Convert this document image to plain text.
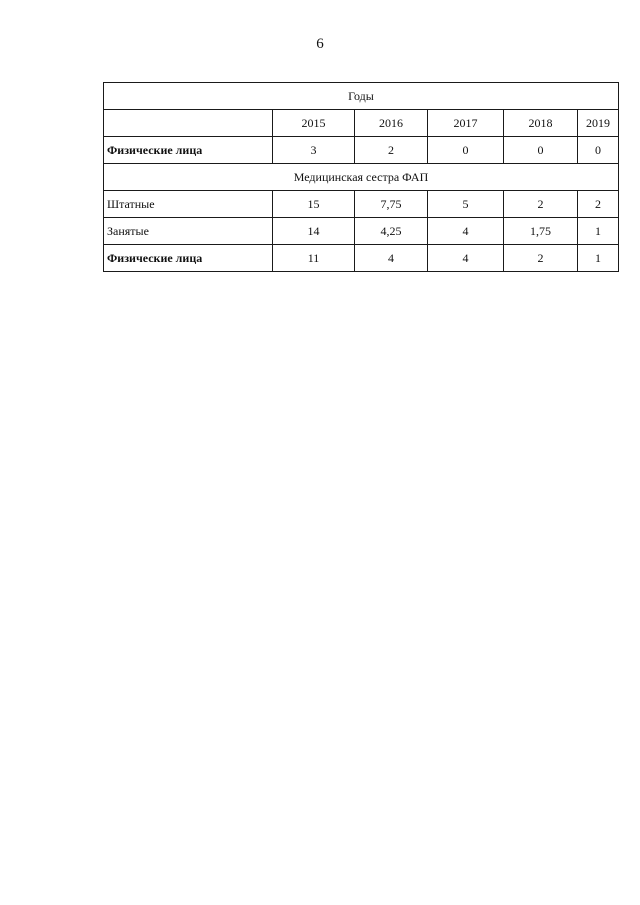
6
Годы					
	2015	2016	2017	2018	2019
Физические лица	3	2	0	0	0
Медицинская сестра ФАП					
Штатные	15	7,75	5	2	2
Занятые	14	4,25	4	1,75	1
Физические лица	11	4	4	2	1
